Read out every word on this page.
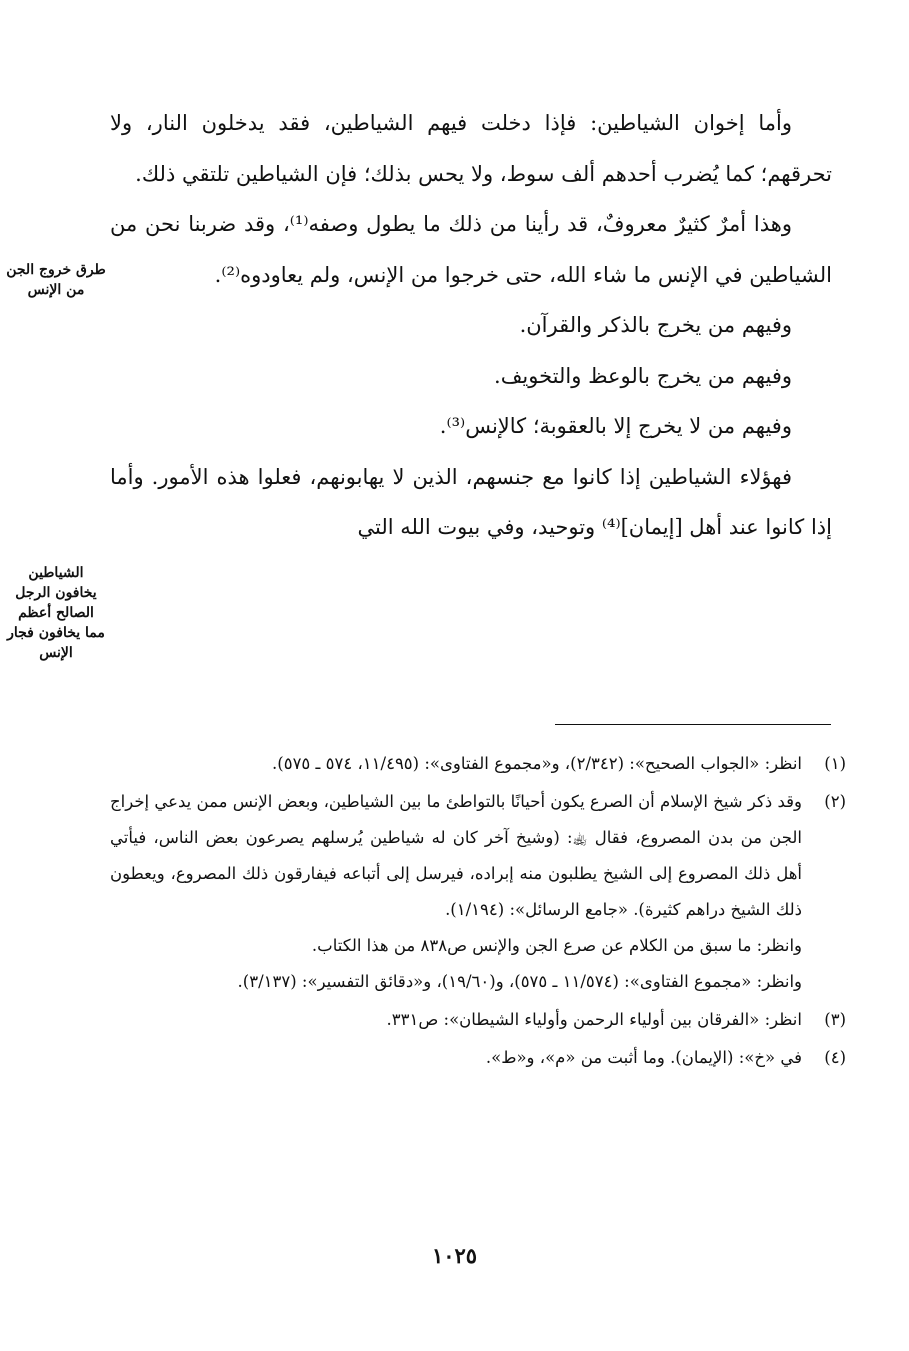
وأما إخوان الشياطين: فإذا دخلت فيهم الشياطين، فقد يدخلون النار، ولا تحرقهم؛ كما يُضرب أحدهم ألف سوط، ولا يحس بذلك؛ فإن الشياطين تلتقي ذلك.

وهذا أمرٌ كثيرٌ معروفٌ، قد رأينا من ذلك ما يطول وصفه⁽¹⁾، وقد ضربنا نحن من الشياطين في الإنس ما شاء الله، حتى خرجوا من الإنس، ولم يعاودوه⁽²⁾.

وفيهم من يخرج بالذكر والقرآن.

وفيهم من يخرج بالوعظ والتخويف.

وفيهم من لا يخرج إلا بالعقوبة؛ كالإنس⁽³⁾.

فهؤلاء الشياطين إذا كانوا مع جنسهم، الذين لا يهابونهم، فعلوا هذه الأمور. وأما إذا كانوا عند أهل [إيمان]⁽⁴⁾ وتوحيد، وفي بيوت الله التي

طرق خروج الجن من الإنس
الشياطين يخافون الرجل الصالح أعظم مما يخافون فجار الإنس
(١)

انظر: «الجواب الصحيح»: (٢/٣٤٢)، و«مجموع الفتاوى»: (١١/٤٩٥، ٥٧٤ ـ ٥٧٥).

(٢)

وقد ذكر شيخ الإسلام أن الصرع يكون أحيانًا بالتواطئ ما بين الشياطين، وبعض الإنس ممن يدعي إخراج الجن من بدن المصروع، فقال ﵀: (وشيخ آخر كان له شياطين يُرسلهم يصرعون بعض الناس، فيأتي أهل ذلك المصروع إلى الشيخ يطلبون منه إبراده، فيرسل إلى أتباعه فيفارقون ذلك المصروع، ويعطون ذلك الشيخ دراهم كثيرة). «جامع الرسائل»: (١/١٩٤).

وانظر: ما سبق من الكلام عن صرع الجن والإنس ص٨٣٨ من هذا الكتاب.

وانظر: «مجموع الفتاوى»: (١١/٥٧٤ ـ ٥٧٥)، و(١٩/٦٠)، و«دقائق التفسير»: (٣/١٣٧).

(٣)

انظر: «الفرقان بين أولياء الرحمن وأولياء الشيطان»: ص٣٣١.

(٤)

في «خ»: (الإيمان). وما أثبت من «م»، و«ط».

١٠٢٥
